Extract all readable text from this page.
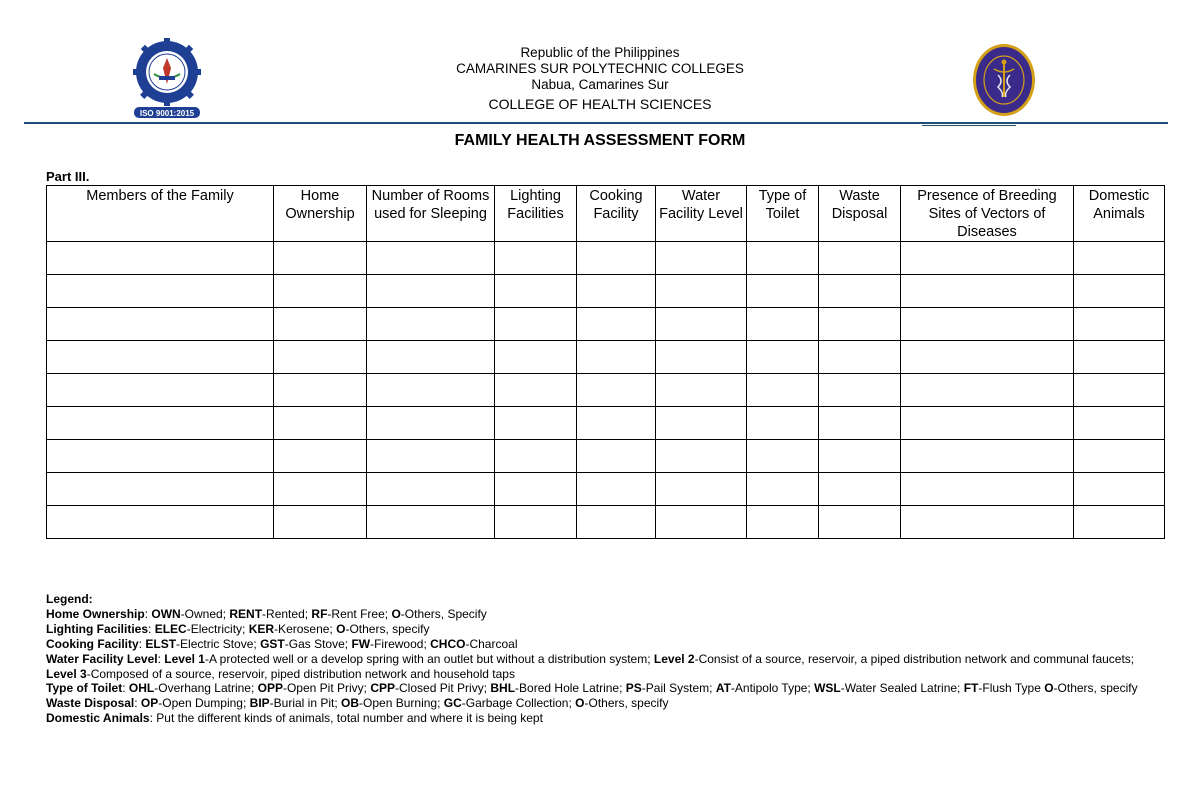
ISO 9001:2015
Republic of the Philippines
CAMARINES SUR POLYTECHNIC COLLEGES
Nabua, Camarines Sur
COLLEGE OF HEALTH SCIENCES
FAMILY HEALTH ASSESSMENT FORM
Part III.
Members of the Family	Home Ownership	Number of Rooms used for Sleeping	Lighting Facilities	Cooking Facility	Water Facility Level	Type of Toilet	Waste Disposal	Presence of Breeding Sites of Vectors of Diseases	Domestic Animals

Legend:
Home Ownership: OWN-Owned; RENT-Rented; RF-Rent Free; O-Others, Specify
Lighting Facilities: ELEC-Electricity; KER-Kerosene; O-Others, specify
Cooking Facility: ELST-Electric Stove; GST-Gas Stove; FW-Firewood; CHCO-Charcoal
Water Facility Level: Level 1-A protected well or a develop spring with an outlet but without a distribution system; Level 2-Consist of a source, reservoir, a piped distribution network and communal faucets; Level 3-Composed of a source, reservoir, piped distribution network and household taps
Type of Toilet: OHL-Overhang Latrine; OPP-Open Pit Privy; CPP-Closed Pit Privy; BHL-Bored Hole Latrine; PS-Pail System; AT-Antipolo Type; WSL-Water Sealed Latrine; FT-Flush Type O-Others, specify
Waste Disposal: OP-Open Dumping; BIP-Burial in Pit; OB-Open Burning; GC-Garbage Collection; O-Others, specify
Domestic Animals: Put the different kinds of animals, total number and where it is being kept
